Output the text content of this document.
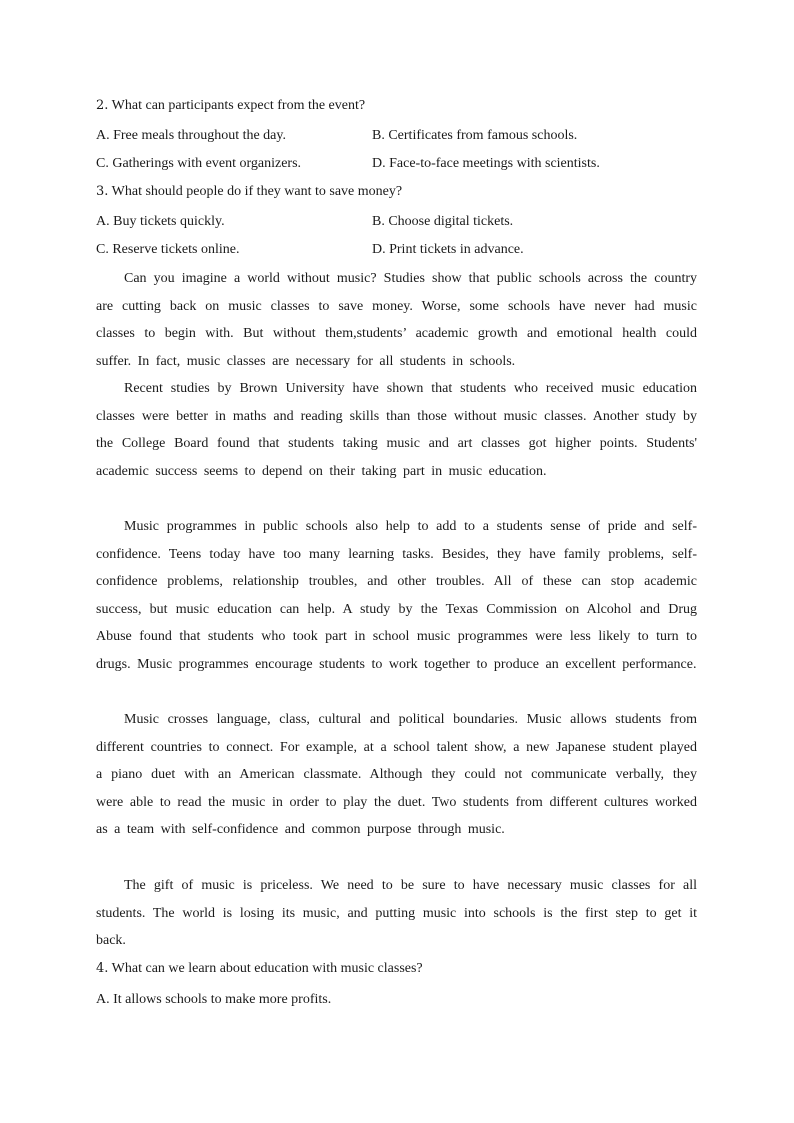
2. What can participants expect from the event?
A. Free meals throughout the day.	B. Certificates from famous schools.
C. Gatherings with event organizers.	D. Face-to-face meetings with scientists.
3. What should people do if they want to save money?
A. Buy tickets quickly.	B. Choose digital tickets.
C. Reserve tickets online.	D. Print tickets in advance.

Can you imagine a world without music? Studies show that public schools across the country are cutting back on music classes to save money. Worse, some schools have never had music classes to begin with. But without them,students’ academic growth and emotional health could suffer. In fact, music classes are necessary for all students in schools.

Recent studies by Brown University have shown that students who received music education classes were better in maths and reading skills than those without music classes. Another study by the College Board found that students taking music and art classes got higher points. Students' academic success seems to depend on their taking part in music education.

Music programmes in public schools also help to add to a students sense of pride and self-confidence. Teens today have too many learning tasks. Besides, they have family problems, self-confidence problems, relationship troubles, and other troubles. All of these can stop academic success, but music education can help. A study by the Texas Commission on Alcohol and Drug Abuse found that students who took part in school music programmes were less likely to turn to drugs. Music programmes encourage students to work together to produce an excellent performance.

Music crosses language, class, cultural and political boundaries. Music allows students from different countries to connect. For example, at a school talent show, a new Japanese student played a piano duet with an American classmate. Although they could not communicate verbally, they were able to read the music in order to play the duet. Two students from different cultures worked as a team with self-confidence and common purpose through music.

The gift of music is priceless. We need to be sure to have necessary music classes for all students. The world is losing its music, and putting music into schools is the first step to get it back.

4. What can we learn about education with music classes?
A. It allows schools to make more profits.
